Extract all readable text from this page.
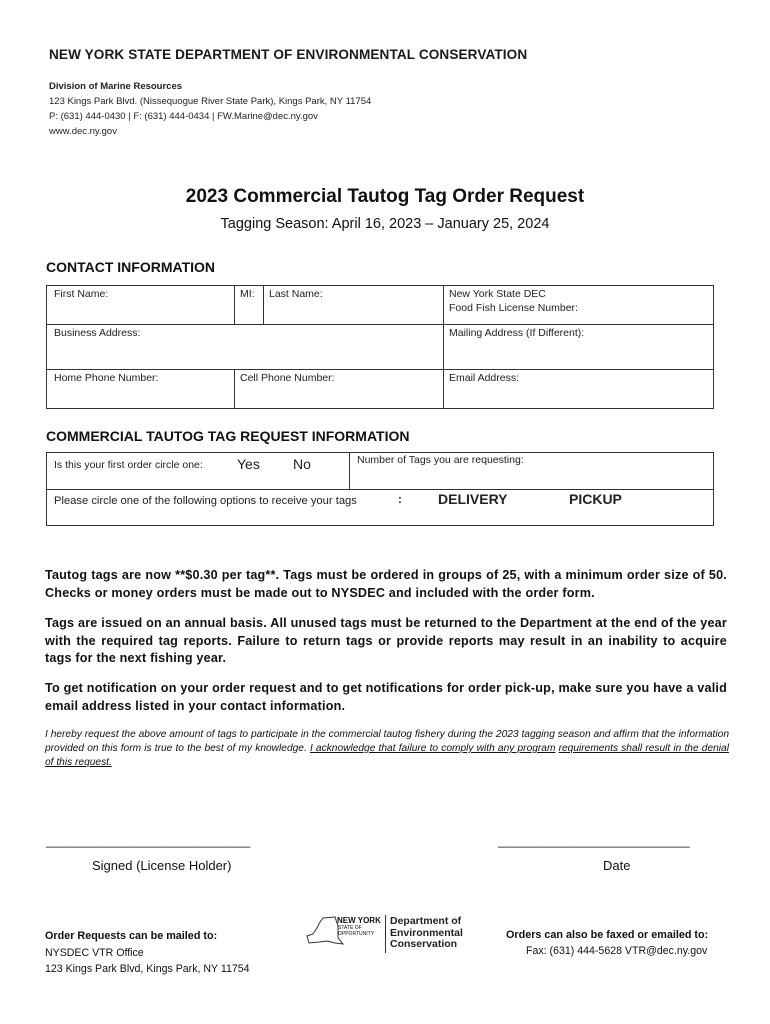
NEW YORK STATE DEPARTMENT OF ENVIRONMENTAL CONSERVATION
Division of Marine Resources
123 Kings Park Blvd. (Nissequogue River State Park), Kings Park, NY 11754
P: (631) 444-0430 | F: (631) 444-0434 | FW.Marine@dec.ny.gov
www.dec.ny.gov
2023 Commercial Tautog Tag Order Request
Tagging Season: April 16, 2023 – January 25, 2024
CONTACT INFORMATION
First Name:	MI: Last Name:	New York State DEC
Food Fish License Number:
Business Address:	Mailing Address (If Different):
Home Phone Number:	Cell Phone Number:	Email Address:
COMMERCIAL TAUTOG TAG REQUEST INFORMATION
Is this your first order circle one: Yes No	Number of Tags you are requesting:
Please circle one of the following options to receive your tags	:	DELIVERY	PICKUP
Tautog tags are now **$0.30 per tag**. Tags must be ordered in groups of 25, with a minimum order size of 50. Checks or money orders must be made out to NYSDEC and included with the order form.
Tags are issued on an annual basis. All unused tags must be returned to the Department at the end of the year with the required tag reports. Failure to return tags or provide reports may result in an inability to acquire tags for the next fishing year.
To get notification on your order request and to get notifications for order pick-up, make sure you have a valid email address listed in your contact information.
I hereby request the above amount of tags to participate in the commercial tautog fishery during the 2023 tagging season and affirm that the information provided on this form is true to the best of my knowledge. I acknowledge that failure to comply with any program requirements shall result in the denial of this request.
________________________________	______________________________
Signed (License Holder)	Date
Order Requests can be mailed to:
NYSDEC VTR Office
123 Kings Park Blvd, Kings Park, NY 11754
NEW YORK
STATE OF
OPPORTUNITY
Department of
Environmental
Conservation
Orders can also be faxed or emailed to:
Fax: (631) 444-5628 VTR@dec.ny.gov
